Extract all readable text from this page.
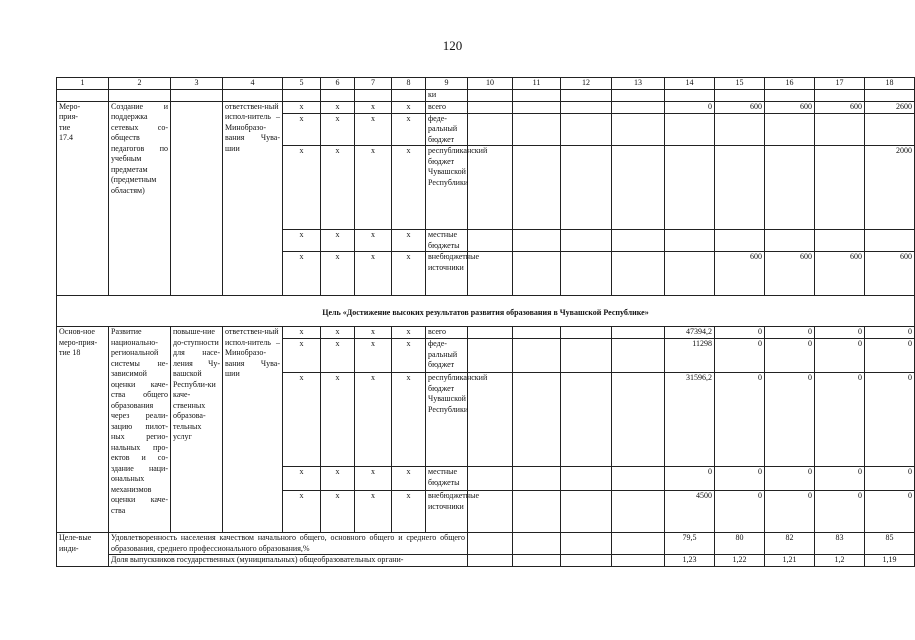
120
1	2	3	4	5	6	7	8	9	10	11	12	13	14	15	16	17	18
								ки									
Меро-
прия-
тие
17.4	Создание и поддержка сетевых со-обществ педагогов по учебным предметам (предметным областям)		ответствен-ный испол-нитель – Минобразо-вания Чува-шии	x	x	x	x	всего					0	600	600	600	2600
				x	x	x	x	феде-ральный бюджет									
				x	x	x	x	республиканский бюджет Чувашской Республики									2000
				x	x	x	x	местные бюджеты									
				x	x	x	x	внебюджетные источники						600	600	600	600

Цель «Достижение высоких результатов развития образования в Чувашской Республике»																	
Основ-ное меро-прия-тие 18	Развитие национально-региональной системы не-зависимой оценки каче-ства общего образования через реали-зацию пилот-ных регио-нальных про-ектов и со-здание наци-ональных механизмов оценки каче-ства	повыше-ние до-ступности для насе-ления Чу-вашской Республи-ки каче-ственных образова-тельных услуг	ответствен-ный испол-нитель – Минобразо-вания Чува-шии	x	x	x	x	всего					47394,2	0	0	0	0
				x	x	x	x	феде-ральный бюджет					11298	0	0	0	0
				x	x	x	x	республиканский бюджет Чувашской Республики					31596,2	0	0	0	0
				x	x	x	x	местные бюджеты					0	0	0	0	0
				x	x	x	x	внебюджетные источники					4500	0	0	0	0
Целе-вые инди-	Удовлетворенность населения качеством начального общего, основного общего и среднего общего образования, среднего профессионального образования,%												79,5	80	82	83	85
	Доля выпускников государственных (муниципальных) общеобразовательных органи-												1,23	1,22	1,21	1,2	1,19
